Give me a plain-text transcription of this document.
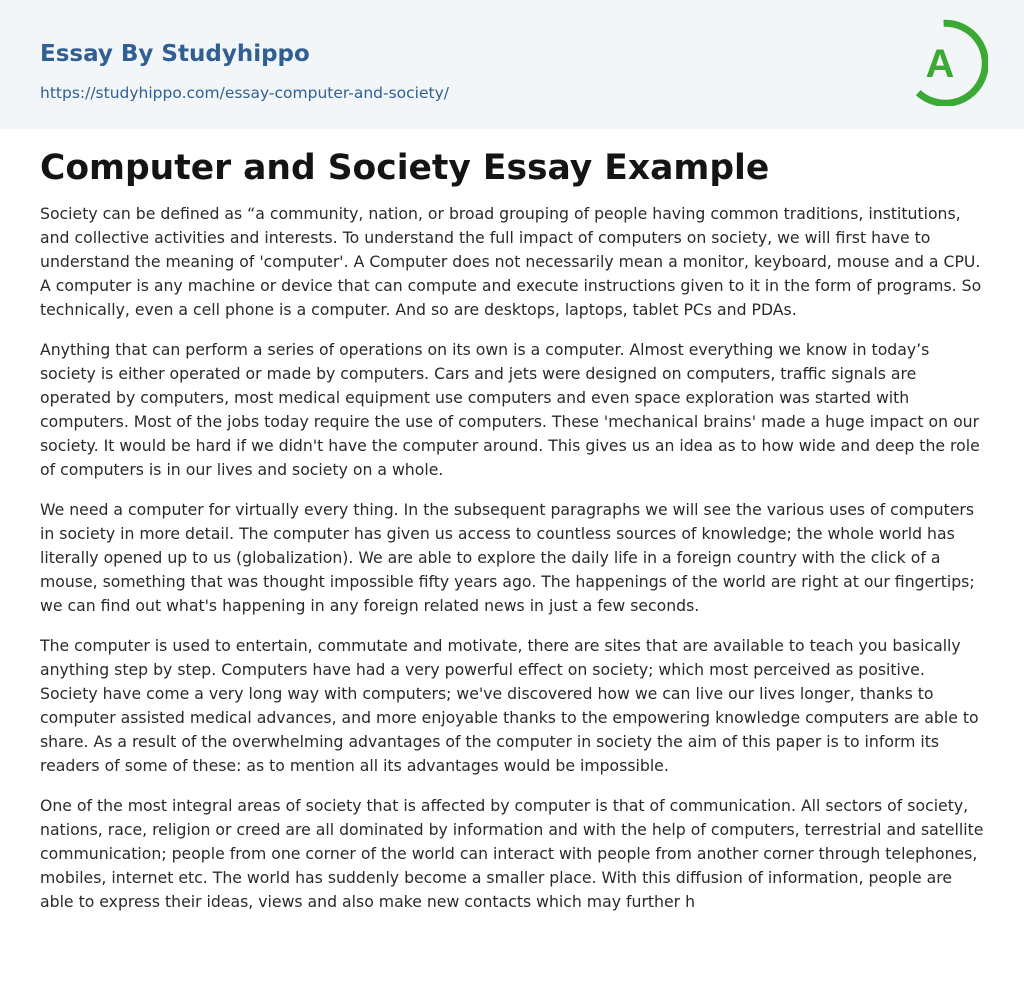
Essay By Studyhippo
https://studyhippo.com/essay-computer-and-society/
A
Computer and Society Essay Example

Society can be defined as “a community, nation, or broad grouping of people having common traditions, institutions, and collective activities and interests. To understand the full impact of computers on society, we will first have to understand the meaning of 'computer'. A Computer does not necessarily mean a monitor, keyboard, mouse and a CPU. A computer is any machine or device that can compute and execute instructions given to it in the form of programs. So technically, even a cell phone is a computer. And so are desktops, laptops, tablet PCs and PDAs.

Anything that can perform a series of operations on its own is a computer. Almost everything we know in today’s society is either operated or made by computers. Cars and jets were designed on computers, traffic signals are operated by computers, most medical equipment use computers and even space exploration was started with computers. Most of the jobs today require the use of computers. These 'mechanical brains' made a huge impact on our society. It would be hard if we didn't have the computer around. This gives us an idea as to how wide and deep the role of computers is in our lives and society on a whole.

We need a computer for virtually every thing. In the subsequent paragraphs we will see the various uses of computers in society in more detail. The computer has given us access to countless sources of knowledge; the whole world has literally opened up to us (globalization). We are able to explore the daily life in a foreign country with the click of a mouse, something that was thought impossible fifty years ago. The happenings of the world are right at our fingertips; we can find out what's happening in any foreign related news in just a few seconds.

The computer is used to entertain, commutate and motivate, there are sites that are available to teach you basically anything step by step. Computers have had a very powerful effect on society; which most perceived as positive. Society have come a very long way with computers; we've discovered how we can live our lives longer, thanks to computer assisted medical advances, and more enjoyable thanks to the empowering knowledge computers are able to share. As a result of the overwhelming advantages of the computer in society the aim of this paper is to inform its readers of some of these: as to mention all its advantages would be impossible.

One of the most integral areas of society that is affected by computer is that of communication. All sectors of society, nations, race, religion or creed are all dominated by information and with the help of computers, terrestrial and satellite communication; people from one corner of the world can interact with people from another corner through telephones, mobiles, internet etc. The world has suddenly become a smaller place. With this diffusion of information, people are able to express their ideas, views and also make new contacts which may further h
